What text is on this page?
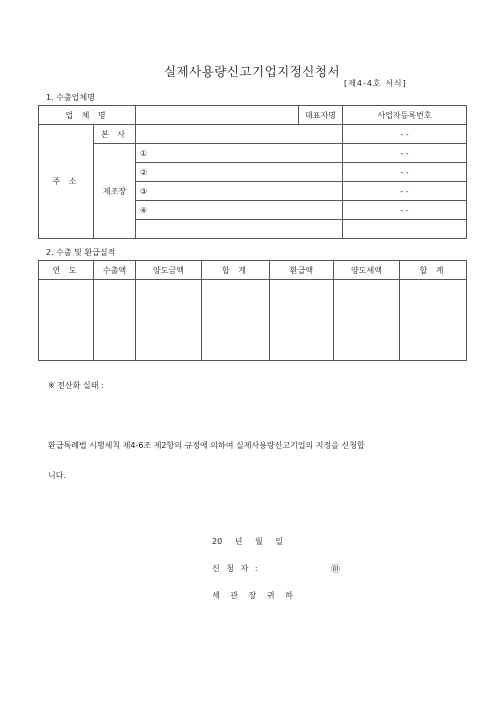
실제사용량신고기업지정신청서
[제4-4호 서식]
1. 수출업체명
업 체 명			대표자명	사업자등록번호
주 소	본 사			- -
	제조장	①		- -
		②		- -
		③		- -
		④		- -

2. 수출 및 환급실적
연 도	수출액	양도금액	합 계	환급액	양도세액	합 계

※ 전산화 실태 :
환급특례법 시행세칙 제4-6조 제2항의 규정에 의하여 실제사용량신고기업의 지정을 신청합
니다.
20 년 월 일
신 청 자 :	㊞
세 관 장 귀 하
